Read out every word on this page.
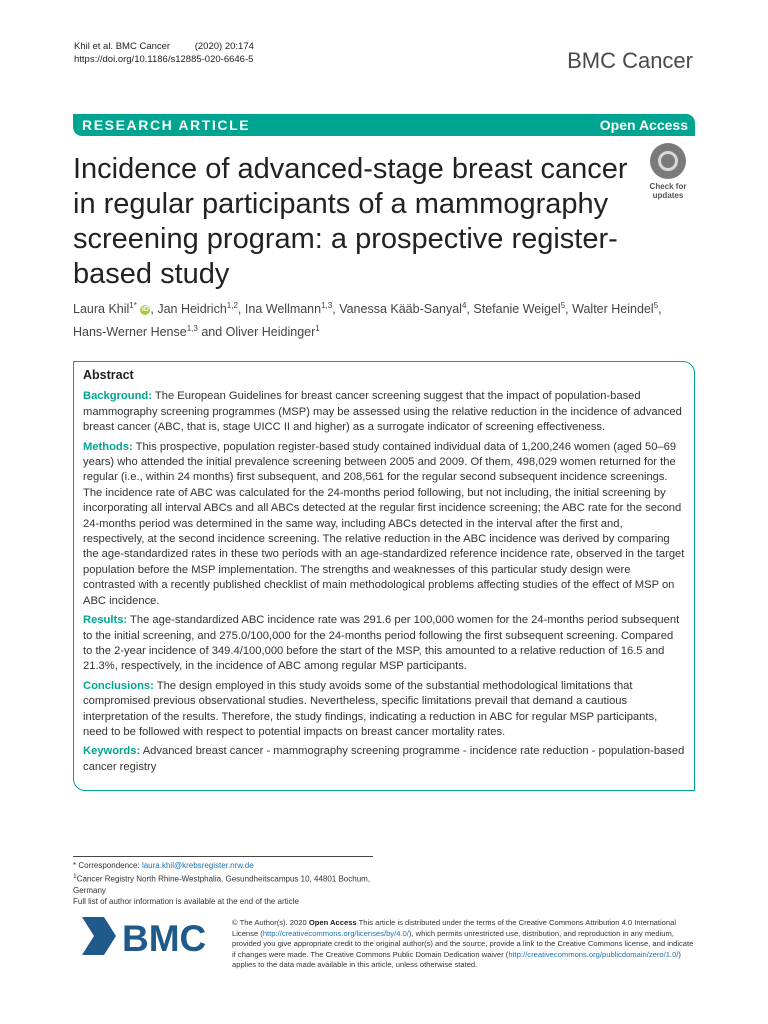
Khil et al. BMC Cancer	(2020) 20:174
https://doi.org/10.1186/s12885-020-6646-5	BMC Cancer
RESEARCH ARTICLE	Open Access
Incidence of advanced-stage breast cancer in regular participants of a mammography screening program: a prospective register-based study
Check for
updates
Laura Khil$^{1*}$ iD , Jan Heidrich$^{1,2}$, Ina Wellmann$^{1,3}$, Vanessa Kääb-Sanyal$^4$, Stefanie Weigel$^5$, Walter Heindel$^5$,
Hans-Werner Hense$^{1,3}$ and Oliver Heidinger$^1$
Abstract

Background: The European Guidelines for breast cancer screening suggest that the impact of population-based mammography screening programmes (MSP) may be assessed using the relative reduction in the incidence of advanced breast cancer (ABC, that is, stage UICC II and higher) as a surrogate indicator of screening effectiveness.

Methods: This prospective, population register-based study contained individual data of 1,200,246 women (aged 50–69 years) who attended the initial prevalence screening between 2005 and 2009. Of them, 498,029 women returned for the regular (i.e., within 24 months) first subsequent, and 208,561 for the regular second subsequent incidence screenings. The incidence rate of ABC was calculated for the 24-months period following, but not including, the initial screening by incorporating all interval ABCs and all ABCs detected at the regular first incidence screening; the ABC rate for the second 24-months period was determined in the same way, including ABCs detected in the interval after the first and, respectively, at the second incidence screening. The relative reduction in the ABC incidence was derived by comparing the age-standardized rates in these two periods with an age-standardized reference incidence rate, observed in the target population before the MSP implementation. The strengths and weaknesses of this particular study design were contrasted with a recently published checklist of main methodological problems affecting studies of the effect of MSP on ABC incidence.

Results: The age-standardized ABC incidence rate was 291.6 per 100,000 women for the 24-months period subsequent to the initial screening, and 275.0/100,000 for the 24-months period following the first subsequent screening. Compared to the 2-year incidence of 349.4/100,000 before the start of the MSP, this amounted to a relative reduction of 16.5 and 21.3%, respectively, in the incidence of ABC among regular MSP participants.

Conclusions: The design employed in this study avoids some of the substantial methodological limitations that compromised previous observational studies. Nevertheless, specific limitations prevail that demand a cautious interpretation of the results. Therefore, the study findings, indicating a reduction in ABC for regular MSP participants, need to be followed with respect to potential impacts on breast cancer mortality rates.

Keywords: Advanced breast cancer - mammography screening programme - incidence rate reduction - population-based cancer registry

* Correspondence: laura.khil@krebsregister.nrw.de
$^1$Cancer Registry North Rhine-Westphalia, Gesundheitscampus 10, 44801 Bochum, Germany
Full list of author information is available at the end of the article
BMC	© The Author(s). 2020 Open Access This article is distributed under the terms of the Creative Commons Attribution 4.0 International License (http://creativecommons.org/licenses/by/4.0/), which permits unrestricted use, distribution, and reproduction in any medium, provided you give appropriate credit to the original author(s) and the source, provide a link to the Creative Commons license, and indicate if changes were made. The Creative Commons Public Domain Dedication waiver (http://creativecommons.org/publicdomain/zero/1.0/) applies to the data made available in this article, unless otherwise stated.
